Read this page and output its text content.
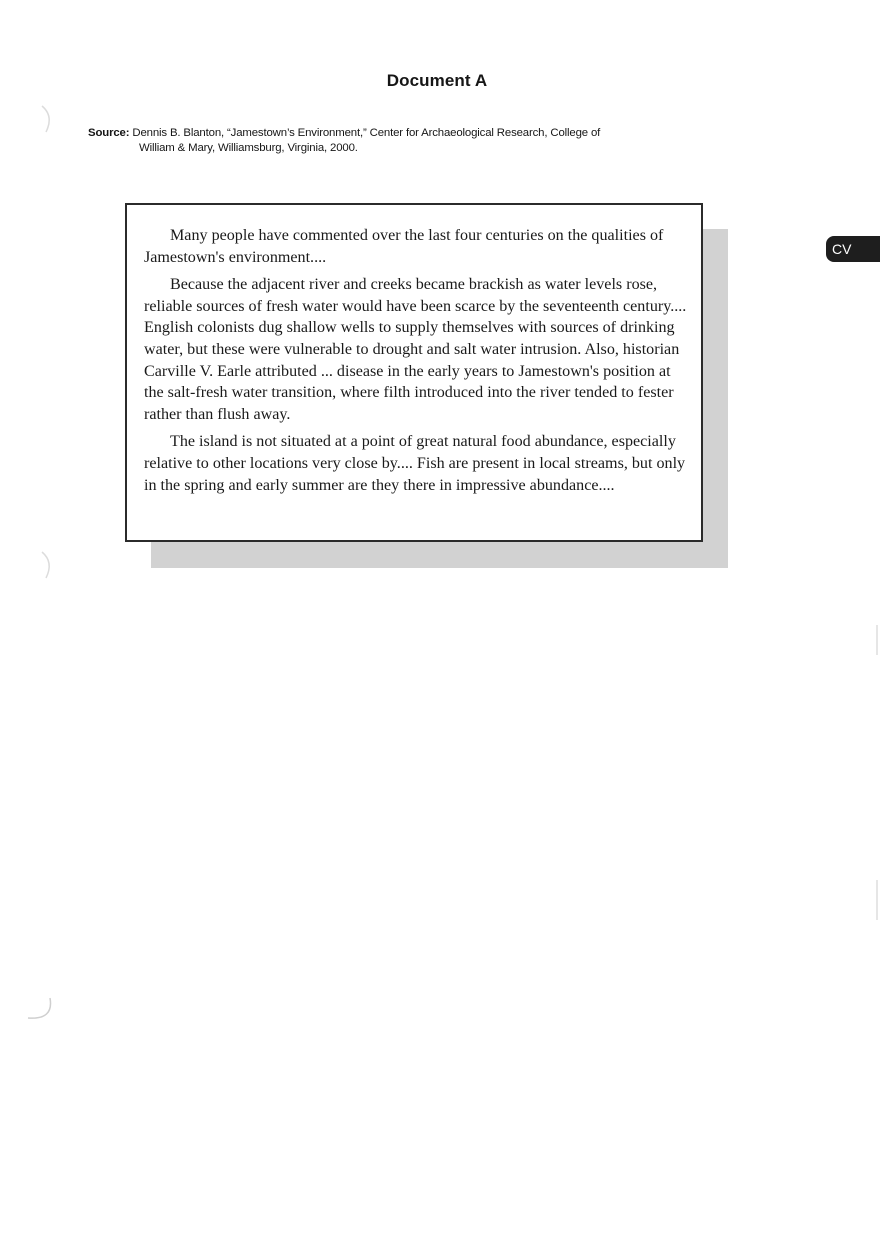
Document A
Source: Dennis B. Blanton, “Jamestown’s Environment,” Center for Archaeological Research, College of
William & Mary, Williamsburg, Virginia, 2000.

Many people have commented over the last four centuries on the qualities of Jamestown's environment....

Because the adjacent river and creeks became brackish as water levels rose, reliable sources of fresh water would have been scarce by the seventeenth century.... English colonists dug shallow wells to supply themselves with sources of drinking water, but these were vulnerable to drought and salt water intrusion. Also, historian Carville V. Earle attributed ... disease in the early years to Jamestown's position at the salt-fresh water transition, where filth introduced into the river tended to fester rather than flush away.

The island is not situated at a point of great natural food abundance, especially relative to other locations very close by.... Fish are present in local streams, but only in the spring and early summer are they there in impressive abundance....

CV
